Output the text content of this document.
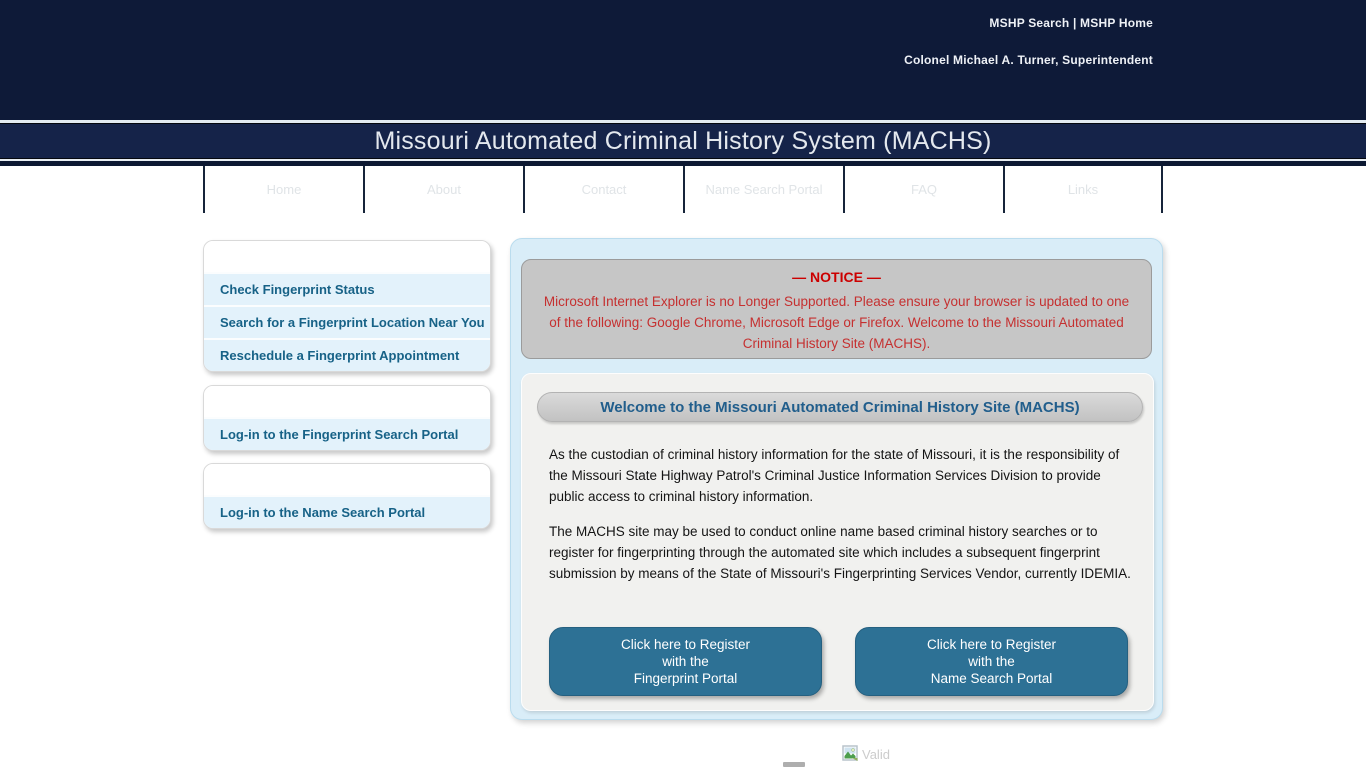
MSHP Search | MSHP Home
Colonel Michael A. Turner, Superintendent
Missouri Automated Criminal History System (MACHS)
Home	About	Contact	Name Search Portal	FAQ	Links
Check Fingerprint Status
Search for a Fingerprint Location Near You
Reschedule a Fingerprint Appointment
Log-in to the Fingerprint Search Portal
Log-in to the Name Search Portal
— NOTICE —
Microsoft Internet Explorer is no Longer Supported. Please ensure your browser is updated to one of the following: Google Chrome, Microsoft Edge or Firefox. Welcome to the Missouri Automated Criminal History Site (MACHS).
Welcome to the Missouri Automated Criminal History Site (MACHS)
As the custodian of criminal history information for the state of Missouri, it is the responsibility of the Missouri State Highway Patrol's Criminal Justice Information Services Division to provide public access to criminal history information.
The MACHS site may be used to conduct online name based criminal history searches or to register for fingerprinting through the automated site which includes a subsequent fingerprint submission by means of the State of Missouri's Fingerprinting Services Vendor, currently IDEMIA.
Click here to Register
with the
Fingerprint Portal
Click here to Register
with the
Name Search Portal
Valid
